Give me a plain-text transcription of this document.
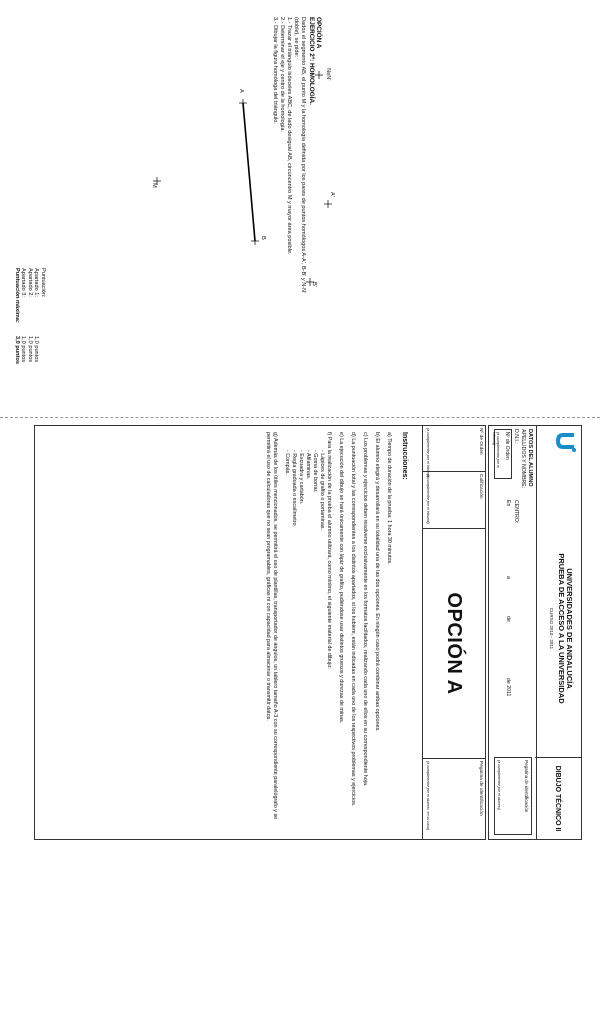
OPCIÓN A
EJERCICIO 2º: HOMOLOGÍA.
Dados el segmento AB, el punto M y la homología definida por los pares de puntos homólogos A-A', B-B' y N-N'
(doble), se pide:
1.- Trazar el triángulo isósceles ABC, de lado desigual AB, circuncentro M y mayor área posible.
2.- Determinar el eje y centro de la homología.
3.- Dibujar la figura homóloga del triángulo.	N≡N'
A
A'
M
B
B'
Puntuación:
Apartado 1:
1,0 puntos
Apartado 2:
1,0 puntos
Apartado 3:
1,0 puntos
Puntuación máxima:
3,0 puntos
UNIVERSIDADES DE ANDALUCÍA
PRUEBA DE ACCESO A LA UNIVERSIDAD
CURSO 2010 - 2011
DIBUJO TÉCNICO II
DATOS DEL ALUMNO
APELLIDOS Y NOMBRE:
D.N.I.:
CENTRO:
Nº de Orden
(a cumplimentar por el tribunal)
En
a
de
de 2011
Pegatina de identificación
(a cumplimentar por el alumno)
Nº de Orden
(a cumplimentar por el tribunal)
Calificación
(a cumplimentar por el tribunal)
OPCIÓN A
Pegatina de identificación
(a cumplimentar por el alumno, en su caso)
Instrucciones:
a) Tiempo de duración de la prueba: 1 hora 30 minutos.
b) El alumno elegirá y desarrollará en su totalidad una de las dos opciones. En ningún caso podrá combinar ambas opciones.
c) Los problemas y ejercicios deben resolverse exclusivamente en los formatos facilitados, realizando cada uno de ellos en su correspondiente hoja.
d) La puntuación total y las correspondientes a los distintos apartados, si los hubiere, están indicadas en cada uno de los respectivos problemas y ejercicios.
e) La ejecución del dibujo se hará únicamente con lápiz de grafito, pudiéndose usar distintos gruesos y durezas de minas.
f) Para la realización de la prueba el alumno utilizará, como mínimo, el siguiente material de dibujo:
- Lápices de grafito o portaminas.
- Goma de borrar.
- Afilaminas.
- Escuadra y cartabón.
- Regla graduada o escalímetro.
- Compás.
g) Además de los útiles mencionados, se permitirá el uso de plantillas, transportador de ángulos, un tablero tamaño A-3 con su correspondiente paralelógrafo y se permitirá el uso de calculadoras que no sean programables, gráficas ni con capacidad para almacenar o transmitir datos.
